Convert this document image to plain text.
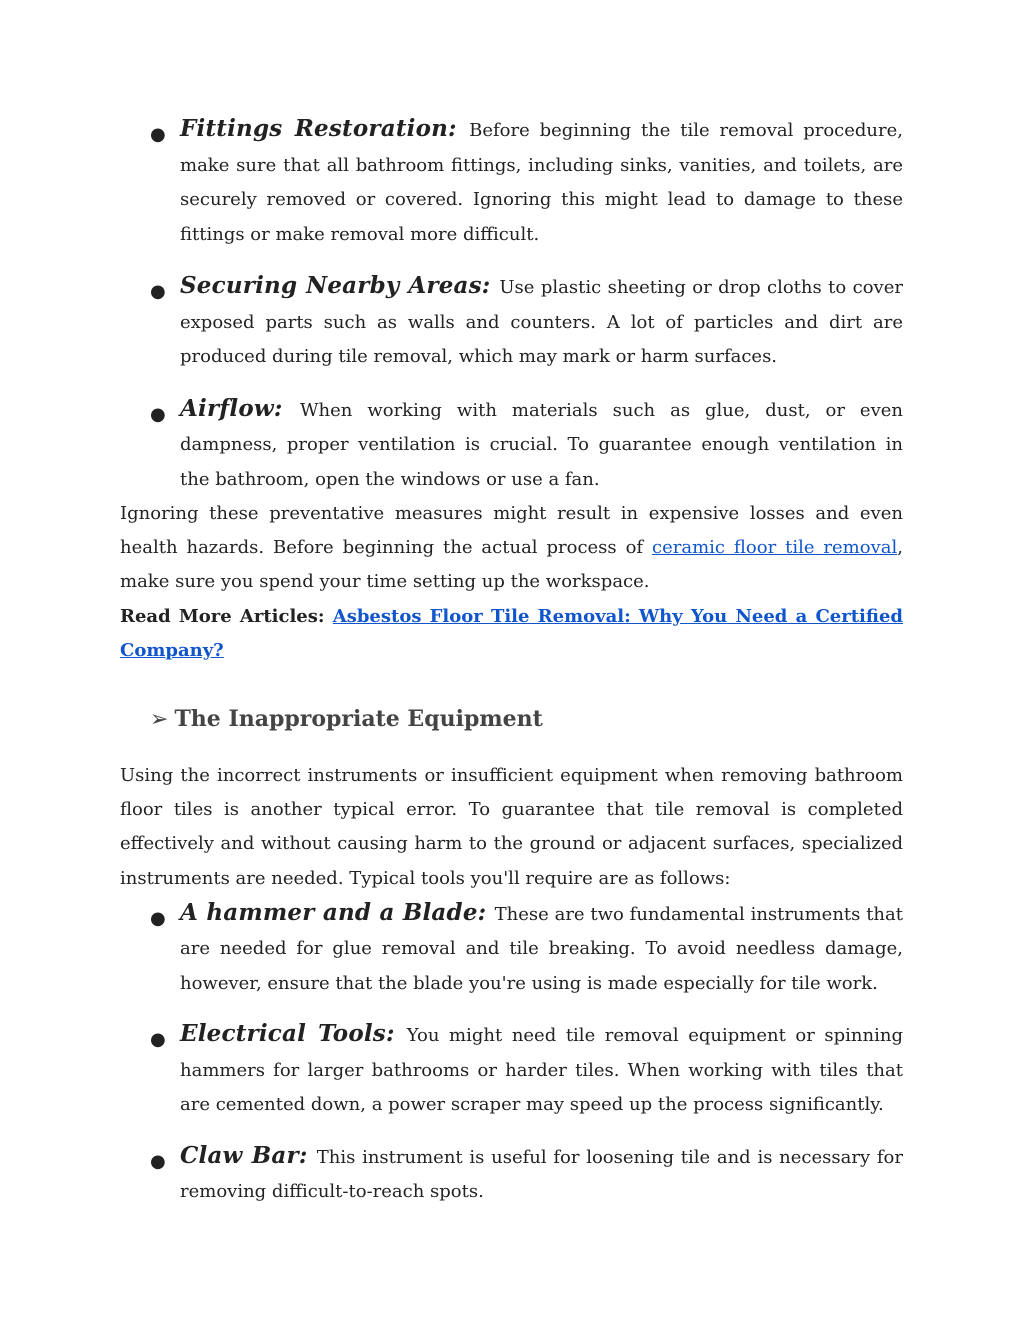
● Fittings Restoration: Before beginning the tile removal procedure, make sure that all bathroom fittings, including sinks, vanities, and toilets, are securely removed or covered. Ignoring this might lead to damage to these fittings or make removal more difficult.
● Securing Nearby Areas: Use plastic sheeting or drop cloths to cover exposed parts such as walls and counters. A lot of particles and dirt are produced during tile removal, which may mark or harm surfaces.
● Airflow: When working with materials such as glue, dust, or even dampness, proper ventilation is crucial. To guarantee enough ventilation in the bathroom, open the windows or use a fan.

Ignoring these preventative measures might result in expensive losses and even health hazards. Before beginning the actual process of ceramic floor tile removal, make sure you spend your time setting up the workspace.

Read More Articles: Asbestos Floor Tile Removal: Why You Need a Certified Company?

➢ The Inappropriate Equipment

Using the incorrect instruments or insufficient equipment when removing bathroom floor tiles is another typical error. To guarantee that tile removal is completed effectively and without causing harm to the ground or adjacent surfaces, specialized instruments are needed. Typical tools you'll require are as follows:

● A hammer and a Blade: These are two fundamental instruments that are needed for glue removal and tile breaking. To avoid needless damage, however, ensure that the blade you're using is made especially for tile work.
● Electrical Tools: You might need tile removal equipment or spinning hammers for larger bathrooms or harder tiles. When working with tiles that are cemented down, a power scraper may speed up the process significantly.
● Claw Bar: This instrument is useful for loosening tile and is necessary for removing difficult-to-reach spots.
